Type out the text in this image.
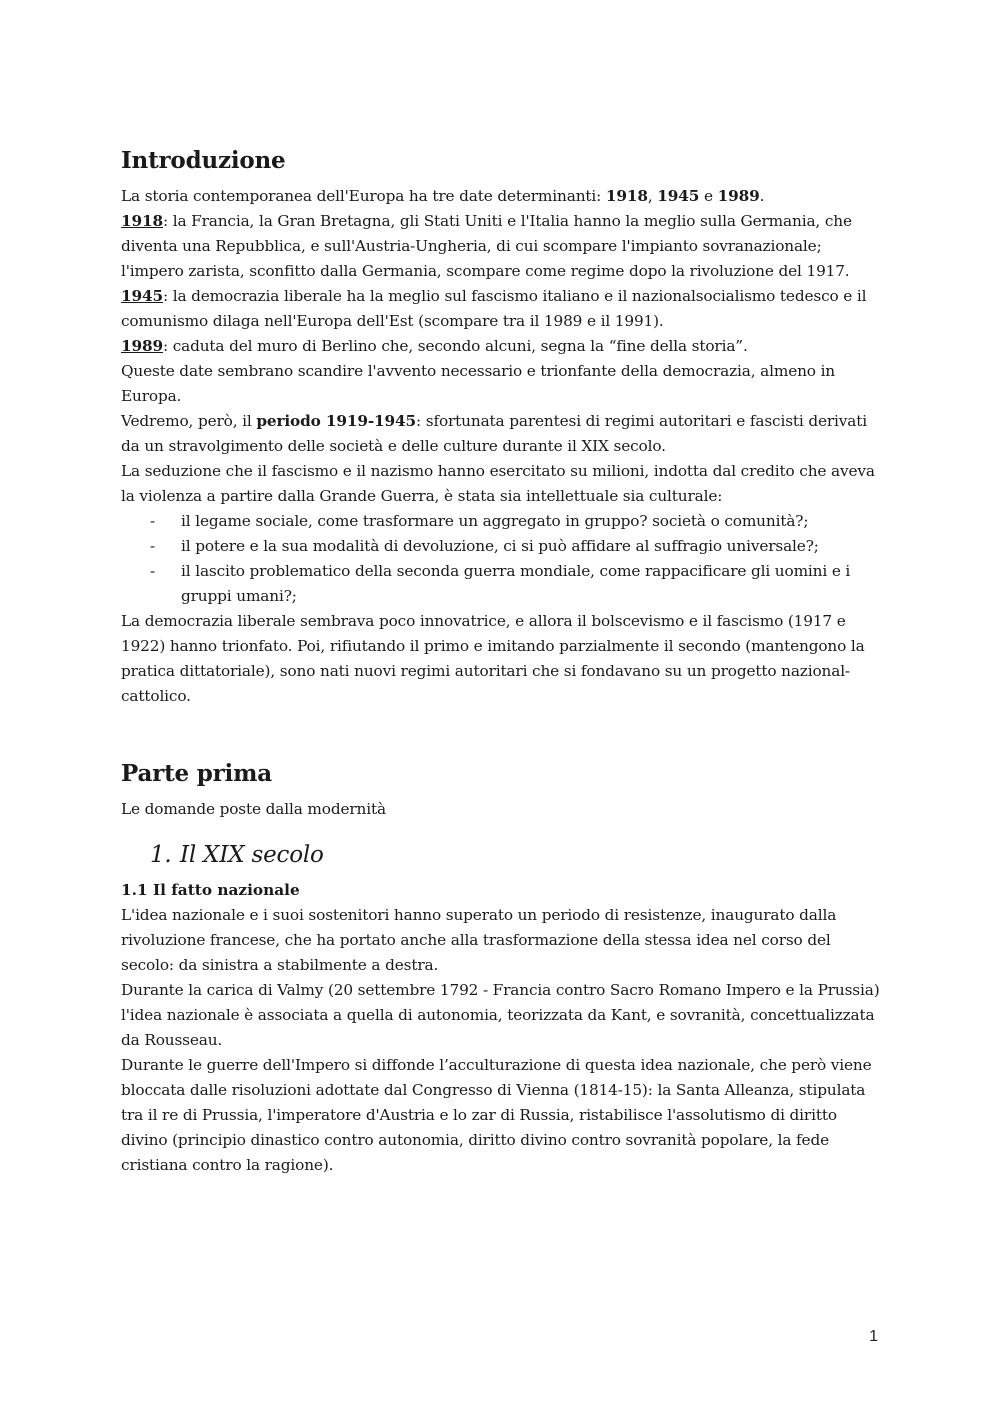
Introduzione

La storia contemporanea dell'Europa ha tre date determinanti: 1918, 1945 e 1989.

1918: la Francia, la Gran Bretagna, gli Stati Uniti e l'Italia hanno la meglio sulla Germania, che diventa una Repubblica, e sull'Austria-Ungheria, di cui scompare l'impianto sovranazionale; l'impero zarista, sconfitto dalla Germania, scompare come regime dopo la rivoluzione del 1917.

1945: la democrazia liberale ha la meglio sul fascismo italiano e il nazionalsocialismo tedesco e il comunismo dilaga nell'Europa dell'Est (scompare tra il 1989 e il 1991).

1989: caduta del muro di Berlino che, secondo alcuni, segna la “fine della storia”.

Queste date sembrano scandire l'avvento necessario e trionfante della democrazia, almeno in Europa.

Vedremo, però, il periodo 1919-1945: sfortunata parentesi di regimi autoritari e fascisti derivati da un stravolgimento delle società e delle culture durante il XIX secolo.

La seduzione che il fascismo e il nazismo hanno esercitato su milioni, indotta dal credito che aveva la violenza a partire dalla Grande Guerra, è stata sia intellettuale sia culturale:

- il legame sociale, come trasformare un aggregato in gruppo? società o comunità?;
- il potere e la sua modalità di devoluzione, ci si può affidare al suffragio universale?;
- il lascito problematico della seconda guerra mondiale, come rappacificare gli uomini e i gruppi umani?;

La democrazia liberale sembrava poco innovatrice, e allora il bolscevismo e il fascismo (1917 e 1922) hanno trionfato. Poi, rifiutando il primo e imitando parzialmente il secondo (mantengono la pratica dittatoriale), sono nati nuovi regimi autoritari che si fondavano su un progetto nazional-cattolico.

Parte prima

Le domande poste dalla modernità

1. Il XIX secolo
1.1 Il fatto nazionale

L'idea nazionale e i suoi sostenitori hanno superato un periodo di resistenze, inaugurato dalla rivoluzione francese, che ha portato anche alla trasformazione della stessa idea nel corso del secolo: da sinistra a stabilmente a destra.

Durante la carica di Valmy (20 settembre 1792 - Francia contro Sacro Romano Impero e la Prussia) l'idea nazionale è associata a quella di autonomia, teorizzata da Kant, e sovranità, concettualizzata da Rousseau.

Durante le guerre dell'Impero si diffonde l’acculturazione di questa idea nazionale, che però viene bloccata dalle risoluzioni adottate dal Congresso di Vienna (1814-15): la Santa Alleanza, stipulata tra il re di Prussia, l'imperatore d'Austria e lo zar di Russia, ristabilisce l'assolutismo di diritto divino (principio dinastico contro autonomia, diritto divino contro sovranità popolare, la fede cristiana contro la ragione).

1
